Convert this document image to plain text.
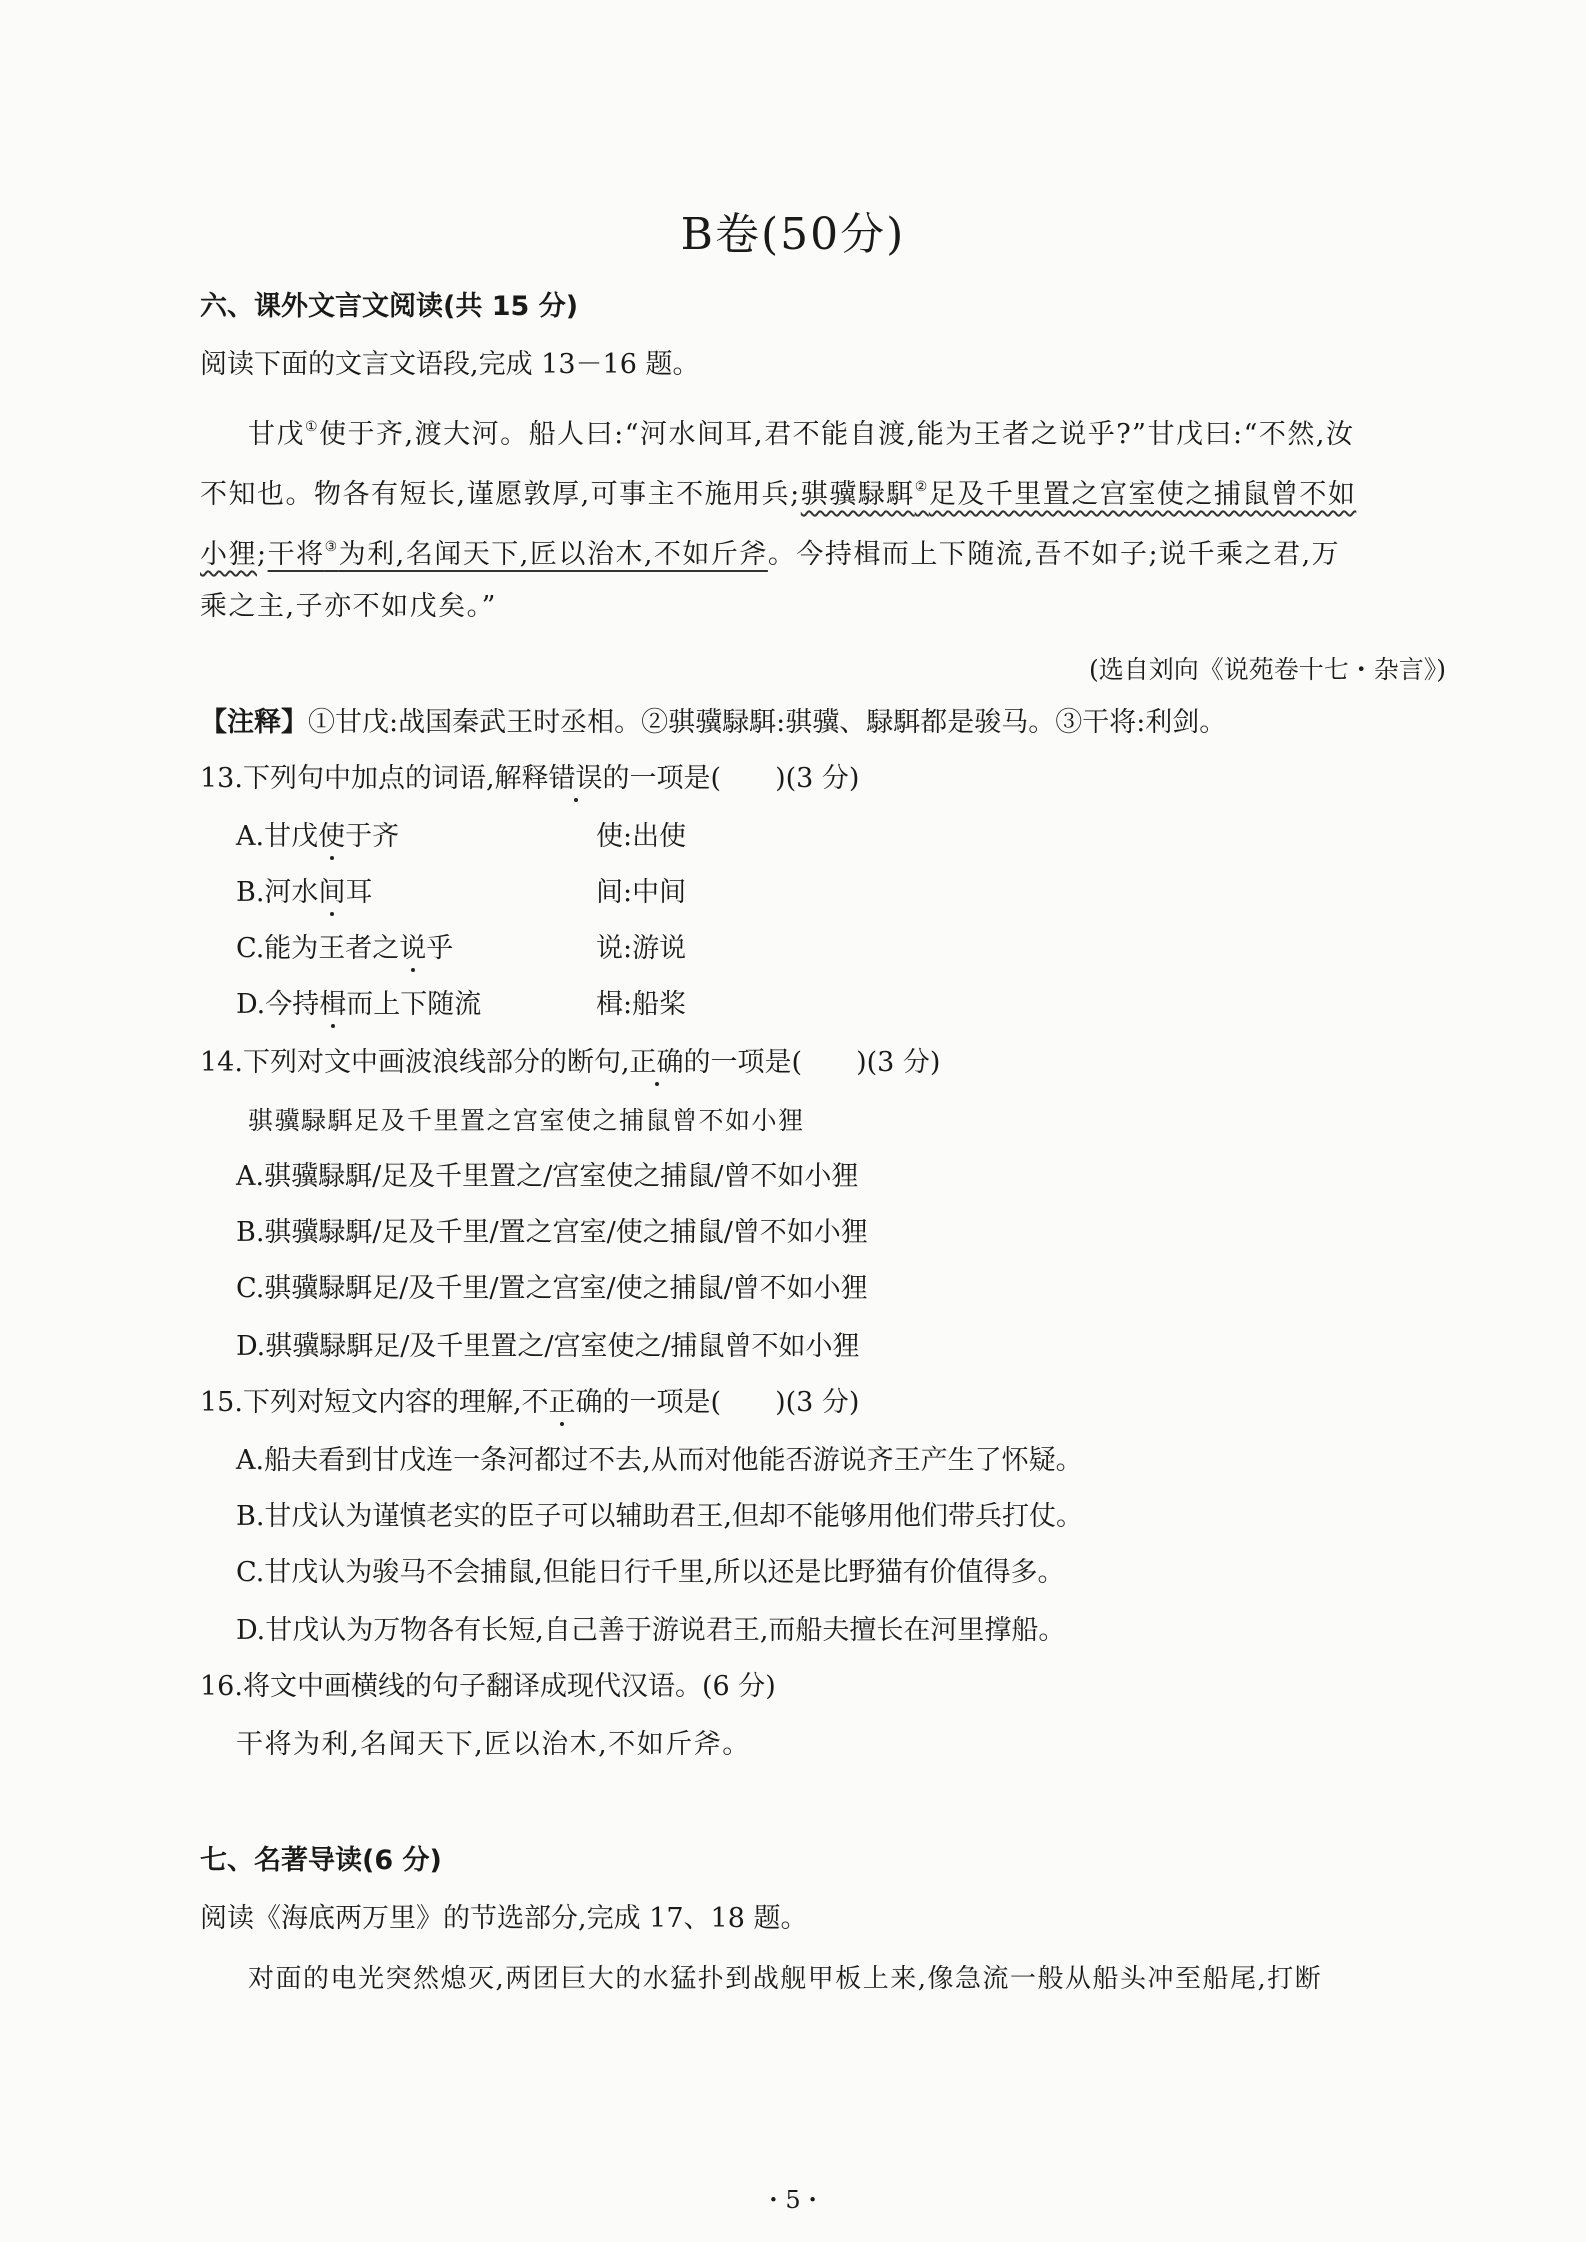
B卷(50分)
六、课外文言文阅读(共 15 分)
阅读下面的文言文语段,完成 13－16 题。
甘戊①使于齐,渡大河。船人曰:“河水间耳,君不能自渡,能为王者之说乎?”甘戊曰:“不然,汝
不知也。物各有短长,谨愿敦厚,可事主不施用兵;骐骥騄駬②足及千里置之宫室使之捕鼠曾不如
小狸;干将③为利,名闻天下,匠以治木,不如斤斧。今持楫而上下随流,吾不如子;说千乘之君,万
乘之主,子亦不如戊矣。”
(选自刘向《说苑卷十七・杂言》)
【注释】①甘戊:战国秦武王时丞相。②骐骥騄駬:骐骥、騄駬都是骏马。③干将:利剑。
13.下列句中加点的词语,解释错误的一项是(　　)(3 分)
A.甘戊使于齐	使:出使
B.河水间耳	间:中间
C.能为王者之说乎	说:游说
D.今持楫而上下随流	楫:船桨
14.下列对文中画波浪线部分的断句,正确的一项是(　　)(3 分)
骐骥騄駬足及千里置之宫室使之捕鼠曾不如小狸
A.骐骥騄駬/足及千里置之/宫室使之捕鼠/曾不如小狸
B.骐骥騄駬/足及千里/置之宫室/使之捕鼠/曾不如小狸
C.骐骥騄駬足/及千里/置之宫室/使之捕鼠/曾不如小狸
D.骐骥騄駬足/及千里置之/宫室使之/捕鼠曾不如小狸
15.下列对短文内容的理解,不正确的一项是(　　)(3 分)
A.船夫看到甘戊连一条河都过不去,从而对他能否游说齐王产生了怀疑。
B.甘戊认为谨慎老实的臣子可以辅助君王,但却不能够用他们带兵打仗。
C.甘戊认为骏马不会捕鼠,但能日行千里,所以还是比野猫有价值得多。
D.甘戊认为万物各有长短,自己善于游说君王,而船夫擅长在河里撑船。
16.将文中画横线的句子翻译成现代汉语。(6 分)
干将为利,名闻天下,匠以治木,不如斤斧。
七、名著导读(6 分)
阅读《海底两万里》的节选部分,完成 17、18 题。
对面的电光突然熄灭,两团巨大的水猛扑到战舰甲板上来,像急流一般从船头冲至船尾,打断
・5・
